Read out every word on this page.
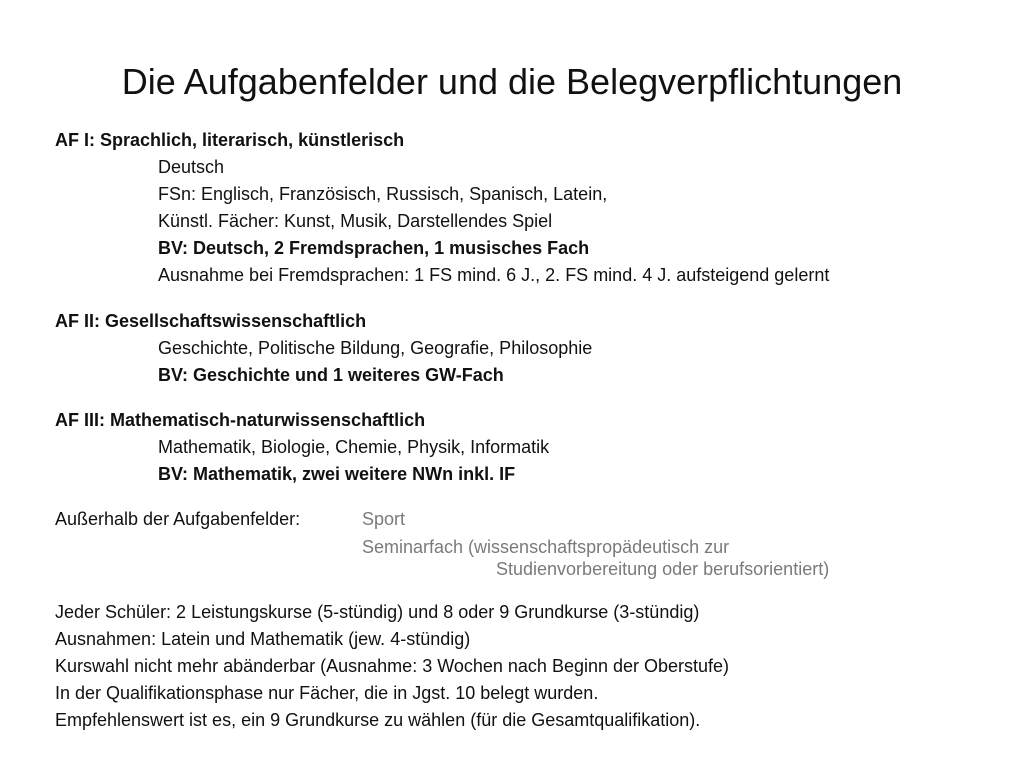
Die Aufgabenfelder und die Belegverpflichtungen
AF I: Sprachlich, literarisch, künstlerisch
Deutsch
FSn: Englisch, Französisch, Russisch, Spanisch, Latein,
Künstl. Fächer: Kunst, Musik, Darstellendes Spiel
BV: Deutsch, 2 Fremdsprachen, 1 musisches Fach
Ausnahme bei Fremdsprachen: 1 FS mind. 6 J., 2. FS mind. 4 J. aufsteigend gelernt
AF II: Gesellschaftswissenschaftlich
Geschichte, Politische Bildung, Geografie, Philosophie
BV: Geschichte und 1 weiteres GW-Fach
AF III: Mathematisch-naturwissenschaftlich
Mathematik, Biologie, Chemie, Physik, Informatik
BV: Mathematik, zwei weitere NWn inkl. IF
Außerhalb der Aufgabenfelder:	Sport
Seminarfach (wissenschaftspropädeutisch zur
Studienvorbereitung oder berufsorientiert)
Jeder Schüler: 2 Leistungskurse (5-stündig) und 8 oder 9 Grundkurse (3-stündig)
Ausnahmen: Latein und Mathematik (jew. 4-stündig)
Kurswahl nicht mehr abänderbar (Ausnahme: 3 Wochen nach Beginn der Oberstufe)
In der Qualifikationsphase nur Fächer, die in Jgst. 10 belegt wurden.
Empfehlenswert ist es, ein 9 Grundkurse zu wählen (für die Gesamtqualifikation).
